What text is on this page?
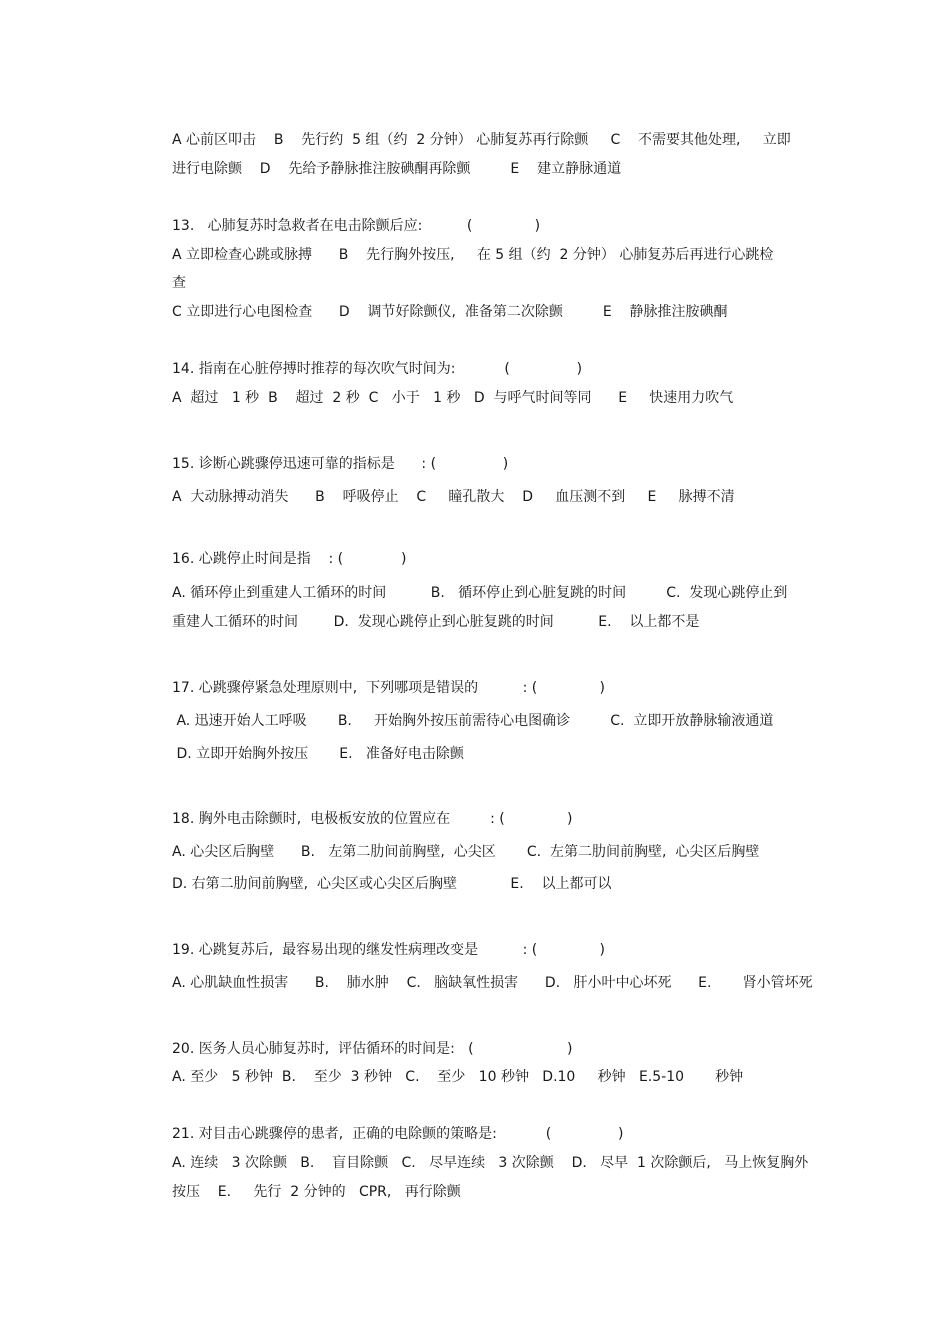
A 心前区叩击    B    先行约  5 组（约  2 分钟） 心肺复苏再行除颤     C    不需要其他处理,     立即
进行电除颤    D    先给予静脉推注胺碘酮再除颤         E    建立静脉通道
13.   心肺复苏时急救者在电击除颤后应:          (              )
A 立即检查心跳或脉搏      B    先行胸外按压,     在 5 组（约  2 分钟） 心肺复苏后再进行心跳检
查
C 立即进行心电图检查      D    调节好除颤仪,  准备第二次除颤         E    静脉推注胺碘酮
14. 指南在心脏停搏时推荐的每次吹气时间为:           (               )
A  超过   1 秒  B    超过  2 秒  C   小于   1 秒   D  与呼气时间等同      E     快速用力吹气
15. 诊断心跳骤停迅速可靠的指标是      : (               )
A  大动脉搏动消失      B    呼吸停止    C     瞳孔散大    D     血压测不到     E     脉搏不清
16. 心跳停止时间是指    : (             )
A. 循环停止到重建人工循环的时间          B.   循环停止到心脏复跳的时间         C.  发现心跳停止到
重建人工循环的时间        D.  发现心跳停止到心脏复跳的时间          E.    以上都不是
17. 心跳骤停紧急处理原则中,  下列哪项是错误的          : (              )
A. 迅速开始人工呼吸       B.     开始胸外按压前需待心电图确诊         C.  立即开放静脉输液通道
D. 立即开始胸外按压       E.   准备好电击除颤
18. 胸外电击除颤时,  电极板安放的位置应在         : (              )
A. 心尖区后胸壁      B.   左第二肋间前胸壁,  心尖区       C.  左第二肋间前胸壁,  心尖区后胸壁
D. 右第二肋间前胸壁,  心尖区或心尖区后胸壁            E.    以上都可以
19. 心跳复苏后,  最容易出现的继发性病理改变是          : (              )
A. 心肌缺血性损害      B.    肺水肿    C.   脑缺氧性损害      D.   肝小叶中心坏死      E.       肾小管坏死
20. 医务人员心肺复苏时,  评估循环的时间是:   (                     )
A. 至少   5 秒钟  B.    至少  3 秒钟   C.    至少   10 秒钟   D.10     秒钟   E.5-10       秒钟
21. 对目击心跳骤停的患者,  正确的电除颤的策略是:           (               )
A. 连续   3 次除颤   B.    盲目除颤   C.   尽早连续   3 次除颤    D.   尽早  1 次除颤后,   马上恢复胸外
按压    E.     先行  2 分钟的   CPR,   再行除颤
